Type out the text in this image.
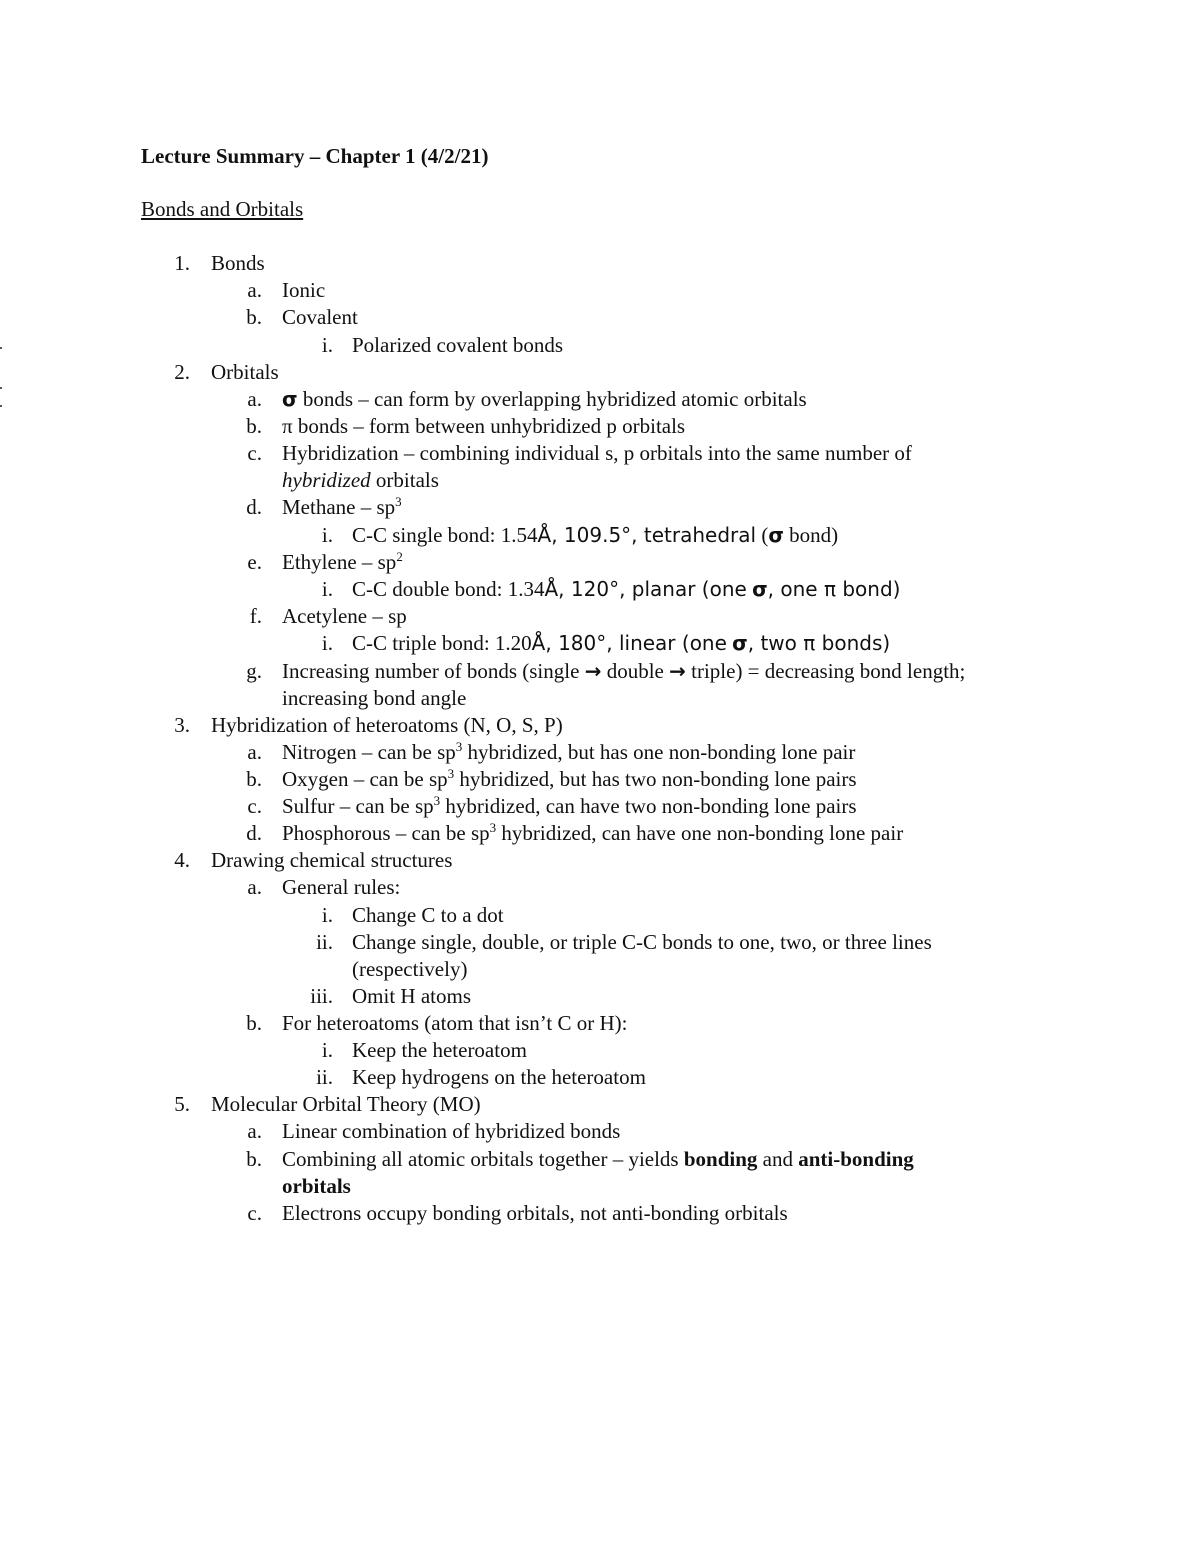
Lecture Summary – Chapter 1 (4/2/21)
Bonds and Orbitals
1. Bonds
a. Ionic
b. Covalent
i. Polarized covalent bonds
2. Orbitals
a. σ bonds – can form by overlapping hybridized atomic orbitals
b. π bonds – form between unhybridized p orbitals
c. Hybridization – combining individual s, p orbitals into the same number of
hybridized orbitals
d. Methane – $sp^3$
i. C-C single bond: 1.54Å, 109.5°, tetrahedral (σ bond)
e. Ethylene – $sp^2$
i. C-C double bond: 1.34Å, 120°, planar (one σ, one π bond)
f. Acetylene – sp
i. C-C triple bond: 1.20Å, 180°, linear (one σ, two π bonds)
g. Increasing number of bonds (single → double → triple) = decreasing bond length;
increasing bond angle
3. Hybridization of heteroatoms (N, O, S, P)
a. Nitrogen – can be $sp^3$ hybridized, but has one non-bonding lone pair
b. Oxygen – can be $sp^3$ hybridized, but has two non-bonding lone pairs
c. Sulfur – can be $sp^3$ hybridized, can have two non-bonding lone pairs
d. Phosphorous – can be $sp^3$ hybridized, can have one non-bonding lone pair
4. Drawing chemical structures
a. General rules:
i. Change C to a dot
ii. Change single, double, or triple C-C bonds to one, two, or three lines
(respectively)
iii. Omit H atoms
b. For heteroatoms (atom that isn’t C or H):
i. Keep the heteroatom
ii. Keep hydrogens on the heteroatom
5. Molecular Orbital Theory (MO)
a. Linear combination of hybridized bonds
b. Combining all atomic orbitals together – yields bonding and anti-bonding
orbitals
c. Electrons occupy bonding orbitals, not anti-bonding orbitals
